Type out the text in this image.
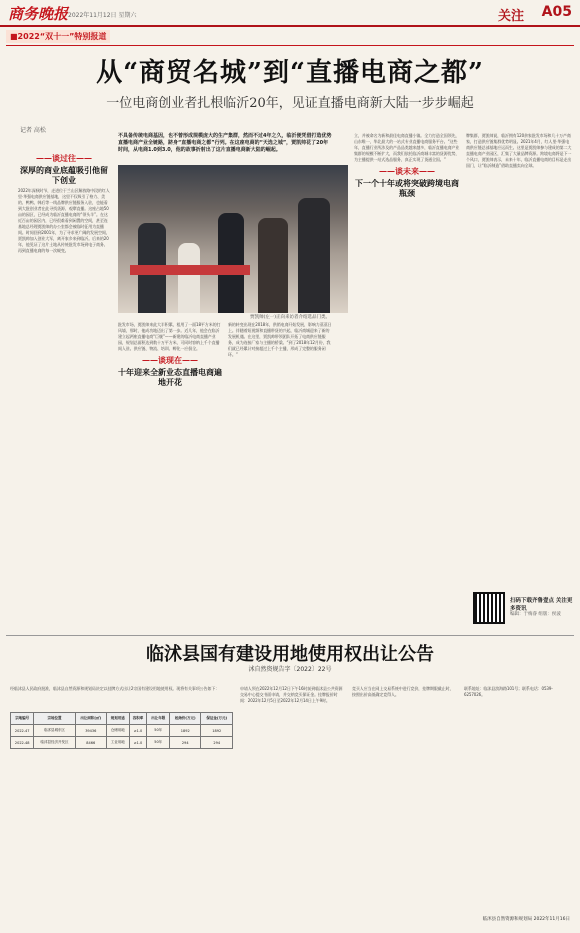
商务晚报 2022年11月12日 星期六	关注 A05
■2022“双十一”特别报道
从“商贸名城”到“直播电商之都”
一位电商创业者扎根临沂20年，见证直播电商新大陆一步步崛起
记者 高松
——谈过往——
深厚的商业底蕴吸引他留下创业
2022年深秋时节，走进位于兰山区解放路中段的红人里·华强电商供应链基地，这里不仅吸引了格力、美的、鸭鸭、韩后等一线品牌供应链服务入驻，也能看到大批创业者在此寻找货源、观摩直播。这座占地50亩的园区，已经成为临沂直播电商的“领头羊”。在这近百亩的园区内，已经很难看到闲置的空间，甚至连基地总经理贾凯帅的办公室都会被临时征用为直播间。时间回到2001年，为了寻求更广阔的发展空间，贾凯帅加入创业大军，离开家乡来到临沂。后来的20年，他见证了这片土地从传统批发市场到电子商务、再到直播电商的每一次蜕变。
不具备传统电商基因，也不曾形成规模庞大的生产集群，然而不过4年之久，临沂便凭借打造优势直播电商产业全链路，跻身“直播电商之都”行列。在这座电商的“天选之城”，贾凯帅花了20年时间，从电商1.0到3.0，他的故事折射出了这片直播电商新大陆的崛起。
贾凯帅(左一)正向来访者介绍选品门类。
批发市场，贾凯帅来此大半积累，租用了一面18平方米的打风墙，那时，他成功地迈出了第一步。近几年，他会在临沂建立起两座直播电商“巨舰”——新建的临沂电商直播产业园，规划总面积达到数十万平方米，可同时容纳上千个直播间入驻。供应链、物流、培训、孵化一应俱全。
——谈现在——
十年迎来全新业态直播电商遍地开花
新的转变出现在2018年，供销电商开始发展，影响力蒸蒸日上。伴随着短视频和直播带货的兴起，临沂商城迎来了新的发展机遇。在这里，贾凯帅带领团队开拓了电商供应链服务，成为连接厂家与主播的桥梁。“到了2018年12月份，我们就已经累计对接超过上千个主播，形成了完整的服务闭环。”
立，并被命名为新和最佳电商直播小镇。全力打造全国领先，山东唯一，华北最大的一站式专业直播电商服务平台。“这些年，直播行业所涉及的产品品类越来越多，临沂直播电商产业集群的规模不断扩大，而我们依托临沂商城丰富的货源优势，为主播提供一站式选品服务，真正实现了货通全国。”
——谈未来——
下一个十年或将突破跨境电商瓶颈
牌集群，贾凯帅说，临沂拥有120余家批发市场和几十万产商家，打造供应链集群优势明显。2021年4月，红人里·华强电商供应链总部基地应运而生。这里是贾凯帅参与建成的第二大直播电商产业园区，汇集了大量品牌资源。跨境电商将是下一个风口，贾凯帅表示，未来十年，临沂直播电商的目标是走出国门，让“临沂制造”借助直播卖向全球。
扫码下载齐鲁壹点 关注更多资讯
编辑：于梅睿 组版：侯波
临沭县国有建设用地使用权出让公告
沭自然资规告字〔2022〕22号
经临沭县人民政府批准，临沭县自然资源和规划局决定以挂牌方式出让2宗国有建设用地使用权。现将有关事项公告如下：
宗地编号	宗地位置	出让面积(㎡)	规划用途	容积率	出让年限	起始价(万元)	保证金(万元)
2022-47	临沭县城东区	39436	仓储用地	≥1.0	50年	1892	1892
2022-48	临沭县经济开发区	8466	工业用地	≥1.0	50年	294	294
申请人须在2022年12月12日下午16时前到临沭县公共资源交易中心提交书面申请，并交纳竞买保证金。挂牌报价时间：2022年12月5日至2022年12月14日上午9时。
竞买人应当在网上交易系统中进行竞价，挂牌期限截止时，按照出价高低确定竞得人。
联系地址：临沭县滨海路101号；联系电话：0539-6257026。
临沭县自然资源和规划局 2022年11月16日
